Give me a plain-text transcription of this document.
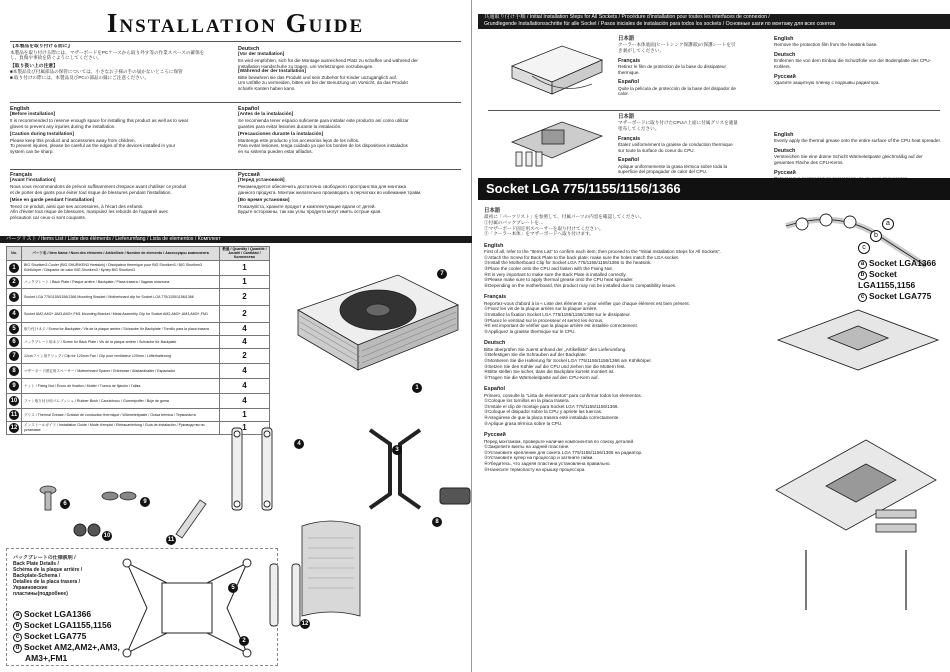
Installation Guide
【本製品を取り付ける前に】
本製品を取り付ける際には、マザーボードをPCケースから取り外す等の作業スペースの確保を
し、負傷や事故を防ぐようにしてください。
【取り扱い上の注意】
■本製品及び付属部品の保管については、小さなお子様の手の届かないところに保管
■ 取り付けの際には、本製品及びPCの部品の縁にご注意ください。
Deutsch
[Vor der Installation]
Es wird empfohlen, sich für die Montage ausreichend Platz zu schaffen und während der
Installation Handschuhe zu tragen, um Verletzungen vorzubeugen.
[Während der der Installation]
Bitte bewahren sie das Produkt und sein Zubehör für Kinder unzugänglich auf.
Um Unfälle zu vermeiden, bitten wir bei der Benutzung um Vorsicht, da das Produkt
scharfe Kanten haben kann.
English
[Before installation]
It is recommended to reserve enough space for installing this product as well as to wear
gloves to prevent any injuries during the installation.
[Caution during Installation]
Please keep this product and accessories away from children.
To prevent injuries, please be careful as the edges of the devices installed in your
system can be sharp.
Español
[Antes de la instalación]
Se recomienda tener espacio suficiente para instalar este producto así como utilizar
guantes para evitar lesiones durante la instalación.
[Precauciones durante la instalación]
Mantenga este producto y los accesorios lejos de los niños.
Para evitar lesiones, tenga cuidado ya que los bordes de los dispositivos instalados
en su sistema pueden estar afilados.
Français
[Avant l'installation]
Nous vous recommandons de prévoir suffisamment d'espace avant d'utiliser ce produit
et de porter des gants pour éviter tout risque de blessures pendant l'installation.
[Mise en garde pendant l'installation]
Tenez ce produit, ainsi que ses accessoires, à l'écart des enfants.
Afin d'éviter tout risque de blessures, manipulez les rebords de l'appareil avec
précaution car ceux-ci sont coupants.
Русский
[Перед установкой]
Рекомендуется обеспечить достаточно свободного пространства для монтажа
данного продукта. Монтаж желательно производить в перчатках во избежание травм.
[Во время установки]
Пожалуйста, храните продукт и комплектующие вдали от детей.
Будьте осторожны, так как углы продукта могут иметь острые края.
パーツリスト / Items List / Liste des éléments / Lieferumfang / Lista de elementos / Комплект
No.	パーツ名 / Item Name / Nom des éléments / Artikelliste / Nombre de elemento / Аксессуары компонента	数量 / Quantity / Quantité / Anzahl / Cantidad / Количество
1	BIG Shuriken3 Cooler (BIG SHURIKEN3 Heatsink) / Dissipateur thermique pour BIG Shuriken3 / BIG Shuriken3 Kühlkörper / Disipador de calor BIG Shuriken3 / Кулер BIG Shuriken3	1
2	バックプレート / Back Plate / Plaque arrière / Backplate / Placa trasera / Задняя пластина	1
3	Socket LGA 775/1155/1156/1366 Mounting Bracket / Motherboard clip for Socket LGA 775/1155/1156/1366	2
4	Socket AM2,AM2+,AM3,AM3+,FM1 Mounting Bracket / Metal Assembly Clip for Socket AM2,AM2+,AM3,AM3+,FM1	2
5	取り付けネジ / Screw for Backplate / Vis de la plaque arrière / Schraube für Backplate / Tornillo para la placa trasera	4
6	バックプレート用ネジ / Screw for Back Plate / Vis de la plaque arrière / Schraube für Backplate	4
7	12cmファン用クリップ / Clip for 120mm Fan / Clip pour ventilateur 120mm / Lüfterhalterung	2
8	マザーボード固定用スペーサー / Motherboard Spacer / Entretoise / Abstandhalter / Espaciador	4
9	ナット / Fixing Nut / Écrou de fixation / Mutter / Tuerca de fijación / Гайка	4
10	ファン取り付け用ゴムブッシュ / Rubber Bush / Caoutchouc / Gummipuffer / Buje de goma	4
11	グリス / Thermal Grease / Graisse de conduction thermique / Wärmeleitpaste / Grasa térmica / Термопаста	1
12	インストールガイド / Installation Guide / Mode d'emploi / Einbauanleitung / Guía de instalación / Руководство по установке	1
7
1
6	9
10
11
4
3
8
12
5
バックプレートの仕様説明 /
Back Plate Details /
Schéma de la plaque arrière /
Backplate-Schema /
Detalles de la placa trasera /
Укрaиновские пластины(подробнее)
a Socket LGA1366
b Socket LGA1155,1156
c Socket LGA775
d Socket AM2,AM2+,AM3,
AM3+,FM1
2
共通取り付け手順 / Initial Installation Steps for All Sockets / Procédure d'installation pour toutes les interfaces de connexion /
Grundlegende Installationsschritte für alle Sockel / Pasos iniciales de instalación para todos los sockets / Основные шаги по монтажу для всех сокетов
日本語
クーラー本体底面(ヒートシンク保護部)の保護シートを引き剥がしてください。
Français
Retirez le film de protection de la base du dissipateur thermique.
Español
Quite la película de protección de la base del disipador de calor.
English
Remove the protection film from the heatsink base.
Deutsch
Entfernen Sie von dem Einbau die Schutzfolie von der Bodenplatte des CPU-Kühlers.
Русский
Удалите защитную пленку с подошвы радиатора.
日本語
マザーボードに取り付けたCPUの上面に付属グリスを適量塗布してください。
Français
Étalez uniformément la graisse de conduction thermique sur toute la surface du coeur du CPU.
Español
Aplique uniformemente la grasa térmica sobre toda la superficie del propagador de calor del CPU.
English
Evenly apply the thermal grease onto the entire surface of the CPU heat spreader.
Deutsch
Verstreichen Sie eine dünne Schicht Wärmeleitpaste gleichmäßig auf der gesamten Fläche des CPU-Kerns.
Русский
Socket LGA 775/1155/1156/1366
日本語
最初に「パーツリスト」を参照して、付属パーツの内容を確認してください。
①付属のバックプレートを…
②マザーボード固定用スペーサーを取り付けてください。
③「クーラー本体」をマザーボードへ取り付けます。
English
First of all, refer to the "Items List" to confirm each item; then proceed to the "Initial Installation Steps for All Sockets".
①Attach the Screw for Back Plate to the back plate; make sure the holes match the LGA socket.
②Install the Motherboard Clip for Socket LGA 775/1155/1156/1366 to the heatsink.
③Place the cooler onto the CPU and fasten with the Fixing Nut.
④It is very important to make sure the Back Plate is installed correctly.
⑤Please make sure to apply thermal grease onto the CPU heat spreader.
⑥Depending on the motherboard, this product may not be installed due to compatibility issues.
Français
Reportez-vous d'abord à la « Liste des éléments » pour vérifier que chaque élément est bien présent.
①Fixez les vis de la plaque arrière sur la plaque arrière.
②Installez la fixation Socket LGA 775/1155/1156/1366 sur le dissipateur.
③Placez le ventirad sur le processeur et serrez les écrous.
④Il est important de vérifier que la plaque arrière est installée correctement.
⑤Appliquez la graisse thermique sur le CPU.
Deutsch
Bitte überprüfen Sie zuerst anhand der „Artikelliste“ den Lieferumfang.
①Befestigen Sie die Schrauben auf der Backplate.
②Montieren Sie die Halterung für Sockel LGA 775/1155/1156/1366 am Kühlkörper.
③Setzen Sie den Kühler auf die CPU und ziehen Sie die Muttern fest.
④Bitte stellen Sie sicher, dass die Backplate korrekt montiert ist.
⑤Tragen Sie die Wärmeleitpaste auf den CPU-Kern auf.
Español
Primero, consulte la "Lista de elementos" para confirmar todos los elementos.
①Coloque los tornillos en la placa trasera.
②Instale el clip de montaje para Socket LGA 775/1155/1156/1366.
③Coloque el disipador sobre la CPU y apriete las tuercas.
④Asegúrese de que la placa trasera esté instalada correctamente.
⑤Aplique grasa térmica sobre la CPU.
Русский
Перед монтажом, проверьте наличие компонентов по списку деталей.
①Закрепите винты на задней пластине.
②Установите крепление для сокета LGA 775/1155/1156/1366 на радиатор.
③Установите кулер на процессор и затяните гайки.
④Убедитесь, что задняя пластина установлена правильно.
⑤Нанесите термопасту на крышку процессора.
a
b
c
a Socket LGA1366
b Socket LGA1155,1156
c Socket LGA775
